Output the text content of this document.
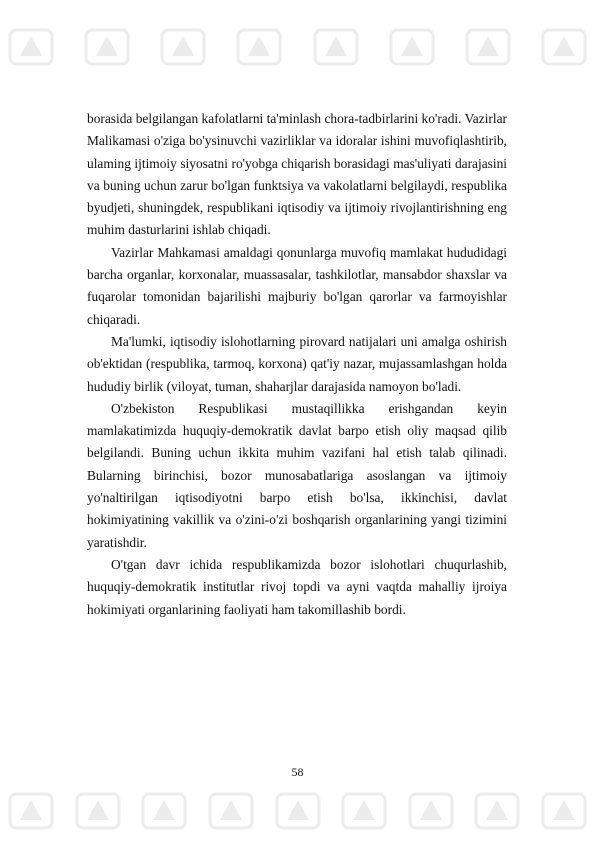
borasida belgilangan kafolatlarni ta'minlash chora-tadbirlarini ko'radi. Vazirlar Malikamasi o'ziga bo'ysinuvchi vazirliklar va idoralar ishini muvofiqlashtirib, ulaming ijtimoiy siyosatni ro'yobga chiqarish borasidagi mas'uliyati darajasini va buning uchun zarur bo'lgan funktsiya va vakolatlarni belgilaydi, respublika byudjeti, shuningdek, respublikani iqtisodiy va ijtimoiy rivojlantirishning eng muhim dasturlarini ishlab chiqadi.

Vazirlar Mahkamasi amaldagi qonunlarga muvofiq mamlakat hududidagi barcha organlar, korxonalar, muassasalar, tashkilotlar, mansabdor shaxslar va fuqarolar tomonidan bajarilishi majburiy bo'lgan qarorlar va farmoyishlar chiqaradi.

Ma'lumki, iqtisodiy islohotlarning pirovard natijalari uni amalga oshirish ob'ektidan (respublika, tarmoq, korxona) qat'iy nazar, mujassamlashgan holda hududiy birlik (viloyat, tuman, shaharjlar darajasida namoyon bo'ladi.

O'zbekiston Respublikasi mustaqillikka erishgandan keyin mamlakatimizda huquqiy-demokratik davlat barpo etish oliy maqsad qilib belgilandi. Buning uchun ikkita muhim vazifani hal etish talab qilinadi. Bularning birinchisi, bozor munosabatlariga asoslangan va ijtimoiy yo'naltirilgan iqtisodiyotni barpo etish bo'lsa, ikkinchisi, davlat hokimiyatining vakillik va o'zini-o'zi boshqarish organlarining yangi tizimini yaratishdir.

O'tgan davr ichida respublikamizda bozor islohotlari chuqurlashib, huquqiy-demokratik institutlar rivoj topdi va ayni vaqtda mahalliy ijroiya hokimiyati organlarining faoliyati ham takomillashib bordi.

58
